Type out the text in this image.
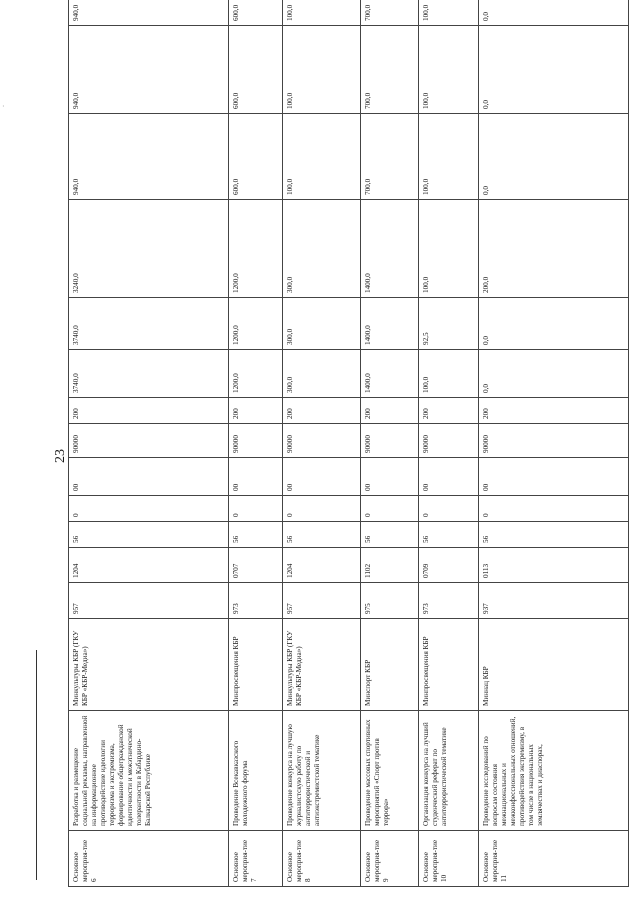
·
23
Основное мероприя-тие 6	Разработка и размещение социальной рекламы, направленной на информационное противодействие идеологии терроризма и экстремизма, формирование общегражданской идентичности и межэтнической толерантности в Кабардино-Балкарской Республике	Минкультуры КБР (ГКУ КБР «КБР-Медиа»)	957	1204	56	0	00	90000	200	3740,0	3740,0	3240,0	940,0	940,0	940,0
Основное мероприя-тие 7	Проведение Всекавказского молодежного форума	Минпросвещения КБР	973	0707	56	0	00	90000	200	1200,0	1200,0	1200,0	600,0	600,0	600,0
Основное мероприя-тие 8	Проведение конкурса на лучшую журналистскую работу по антитеррористической и антиэкстремистской тематике	Минкультуры КБР (ГКУ КБР «КБР-Медиа»)	957	1204	56	0	00	90000	200	300,0	300,0	300,0	100,0	100,0	100,0
Основное мероприя-тие 9	Проведение массовых спортивных мероприятий «Спорт против террора»	Минспорт КБР	975	1102	56	0	00	90000	200	1400,0	1400,0	1400,0	700,0	700,0	700,0
Основное мероприя-тие 10	Организация конкурса на лучший студенческий реферат по антитеррористической тематике	Минпросвещения КБР	973	0709	56	0	00	90000	200	100,0	92,5	100,0	100,0	100,0	100,0
Основное мероприя-тие 11	Проведение исследований по вопросам состояния межнациональных и межконфессиональных отношений, противодействия экстремизму, в том числе в национальных землячествах и диаспорах,	Миннац КБР	937	0113	56	0	00	90000	200	0,0	0,0	200,0	0,0	0,0	0,0
